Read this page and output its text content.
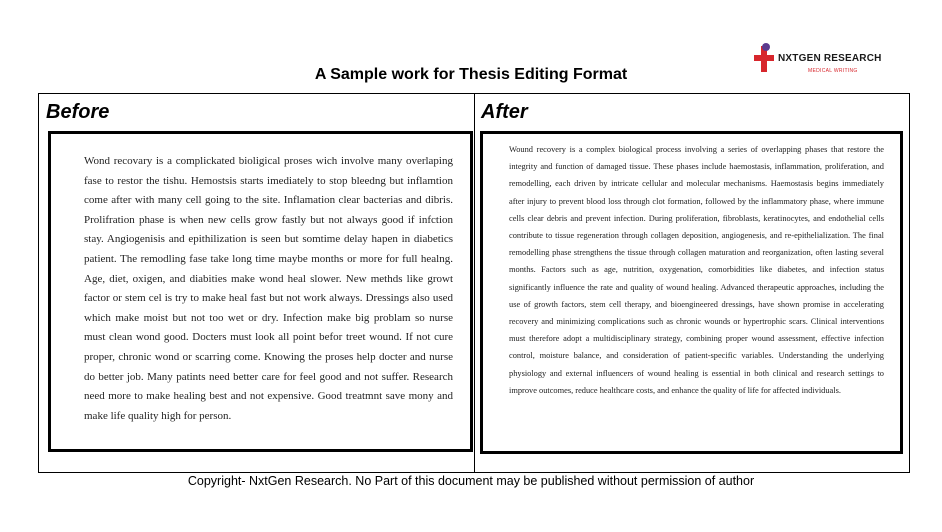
NXTGEN RESEARCH
MEDICAL WRITING
A Sample work for Thesis Editing Format
Before	After

Wond recovary is a complickated bioligical proses wich involve many overlaping fase to restor the tishu. Hemostsis starts imediately to stop bleedng but inflamtion come after with many cell going to the site. Inflamation clear bacterias and dibris. Prolifration phase is when new cells grow fastly but not always good if infction stay. Angiogenisis and epithilization is seen but somtime delay hapen in diabetics patient. The remodling fase take long time maybe months or more for full healng. Age, diet, oxigen, and diabities make wond heal slower. New methds like growt factor or stem cel is try to make heal fast but not work always. Dressings also used which make moist but not too wet or dry. Infection make big problam so nurse must clean wond good. Docters must look all point befor treet wound. If not cure proper, chronic wond or scarring come. Knowing the proses help docter and nurse do better job. Many patints need better care for feel good and not suffer. Research need more to make healing best and not expensive. Good treatmnt save mony and make life quality high for person.

Wound recovery is a complex biological process involving a series of overlapping phases that restore the integrity and function of damaged tissue. These phases include haemostasis, inflammation, proliferation, and remodelling, each driven by intricate cellular and molecular mechanisms. Haemostasis begins immediately after injury to prevent blood loss through clot formation, followed by the inflammatory phase, where immune cells clear debris and prevent infection. During proliferation, fibroblasts, keratinocytes, and endothelial cells contribute to tissue regeneration through collagen deposition, angiogenesis, and re-epithelialization. The final remodelling phase strengthens the tissue through collagen maturation and reorganization, often lasting several months. Factors such as age, nutrition, oxygenation, comorbidities like diabetes, and infection status significantly influence the rate and quality of wound healing. Advanced therapeutic approaches, including the use of growth factors, stem cell therapy, and bioengineered dressings, have shown promise in accelerating recovery and minimizing complications such as chronic wounds or hypertrophic scars. Clinical interventions must therefore adopt a multidisciplinary strategy, combining proper wound assessment, effective infection control, moisture balance, and consideration of patient-specific variables. Understanding the underlying physiology and external influencers of wound healing is essential in both clinical and research settings to improve outcomes, reduce healthcare costs, and enhance the quality of life for affected individuals.

Copyright- NxtGen Research. No Part of this document may be published without permission of author
